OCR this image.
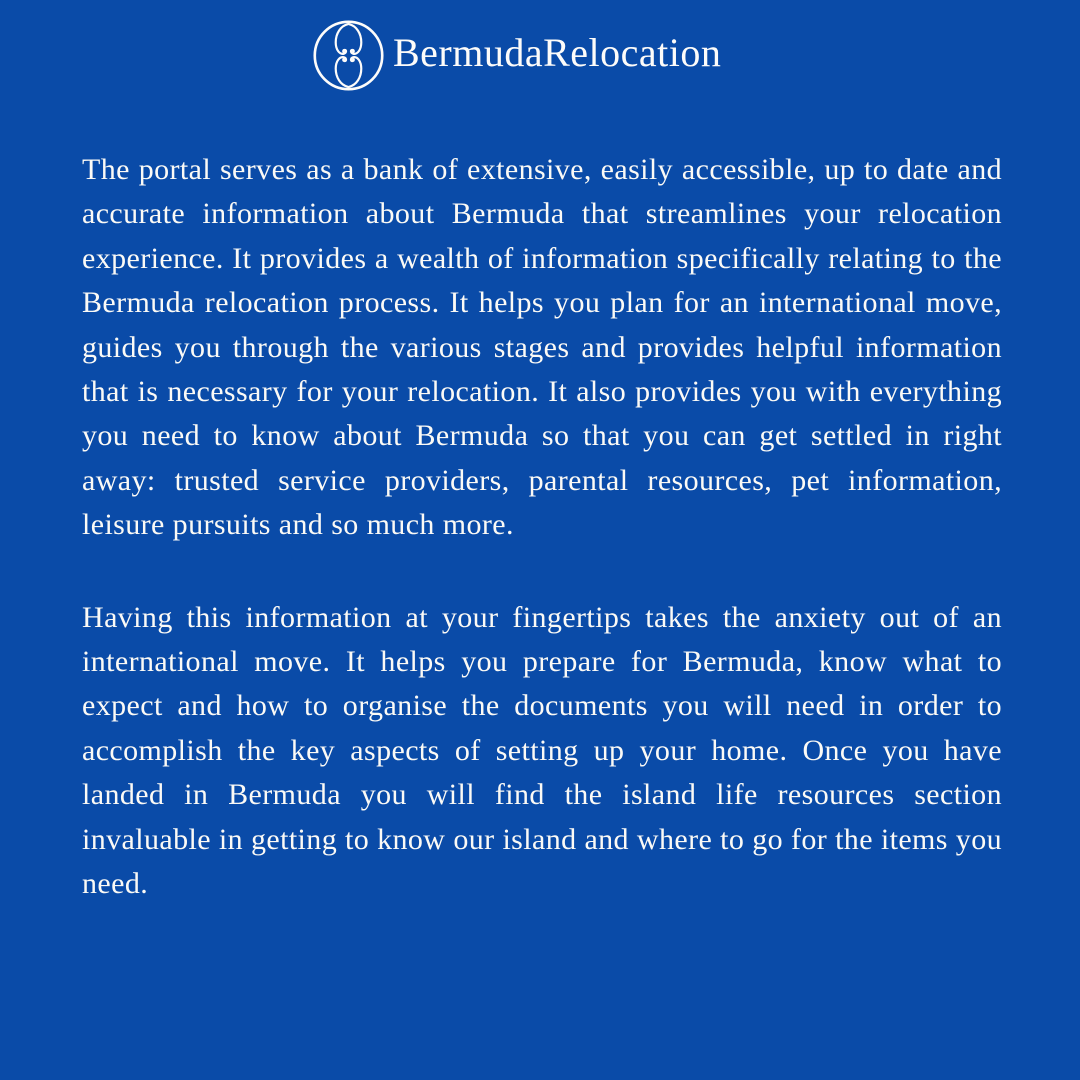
BermudaRelocation

The portal serves as a bank of extensive, easily accessible, up to date and accurate information about Bermuda that streamlines your relocation experience. It provides a wealth of information specifically relating to the Bermuda relocation process. It helps you plan for an international move, guides you through the various stages and provides helpful information that is necessary for your relocation. It also provides you with everything you need to know about Bermuda so that you can get settled in right away: trusted service providers, parental resources, pet information, leisure pursuits and so much more.

Having this information at your fingertips takes the anxiety out of an international move. It helps you prepare for Bermuda, know what to expect and how to organise the documents you will need in order to accomplish the key aspects of setting up your home. Once you have landed in Bermuda you will find the island life resources section invaluable in getting to know our island and where to go for the items you need.
